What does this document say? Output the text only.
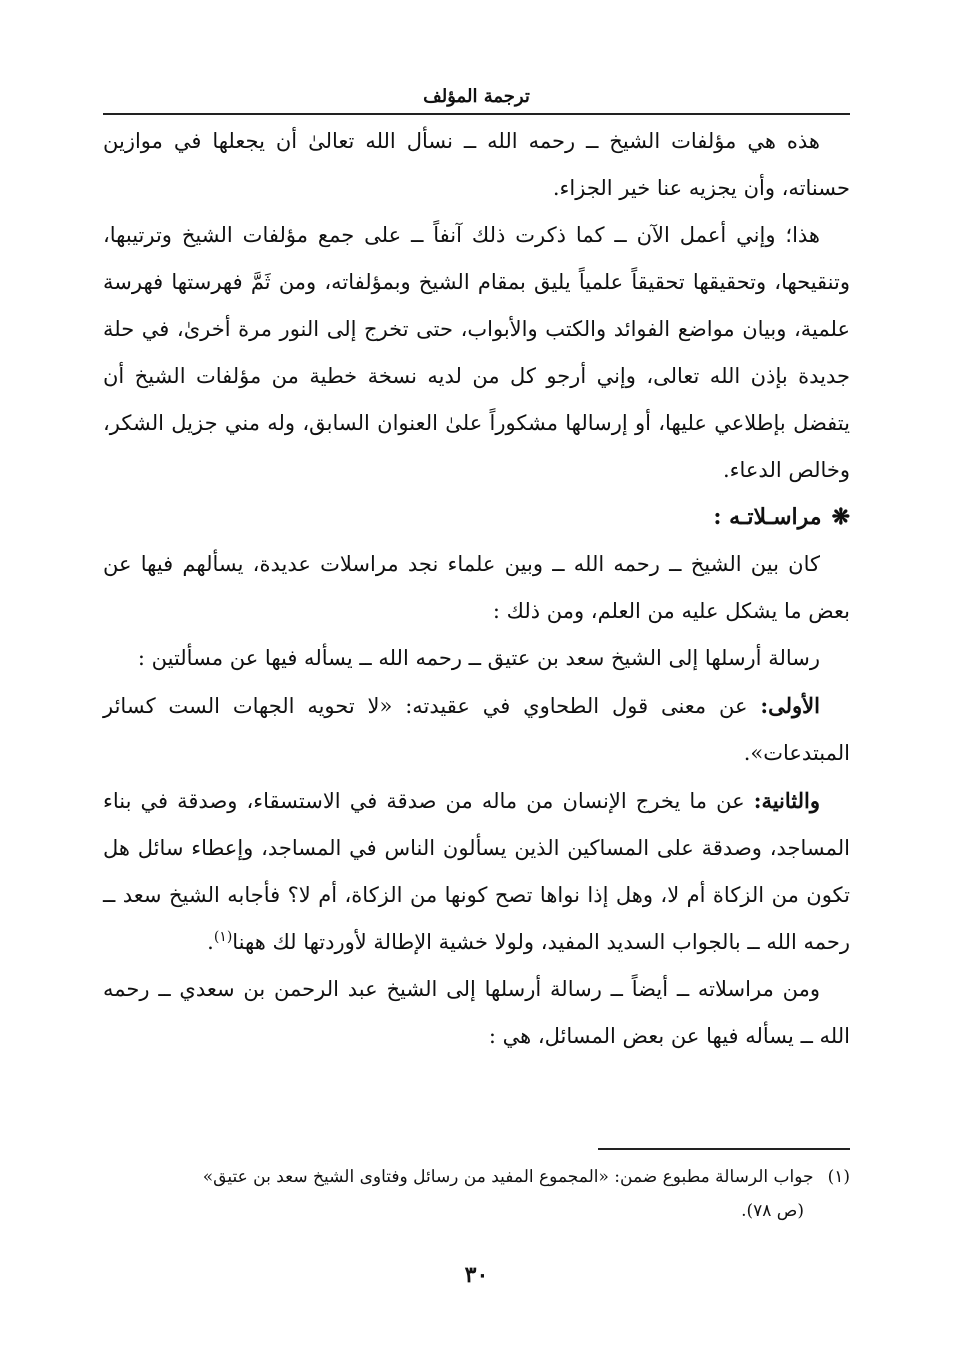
ترجمة المؤلف

هذه هي مؤلفات الشيخ ــ رحمه الله ــ نسأل الله تعالىٰ أن يجعلها في موازين حسناته، وأن يجزيه عنا خير الجزاء.

هذا؛ وإني أعمل الآن ــ كما ذكرت ذلك آنفاً ــ على جمع مؤلفات الشيخ وترتيبها، وتنقيحها، وتحقيقها تحقيقاً علمياً يليق بمقام الشيخ وبمؤلفاته، ومن ثَمَّ فهرستها فهرسة علمية، وبيان مواضع الفوائد والكتب والأبواب، حتى تخرج إلى النور مرة أخرىٰ، في حلة جديدة بإذن الله تعالى، وإني أرجو كل من لديه نسخة خطية من مؤلفات الشيخ أن يتفضل بإطلاعي عليها، أو إرسالها مشكوراً علىٰ العنوان السابق، وله مني جزيل الشكر، وخالص الدعاء.

❋مراسـلاتـه :

كان بين الشيخ ــ رحمه الله ــ وبين علماء نجد مراسلات عديدة، يسألهم فيها عن بعض ما يشكل عليه من العلم، ومن ذلك :

رسالة أرسلها إلى الشيخ سعد بن عتيق ــ رحمه الله ــ يسأله فيها عن مسألتين :

الأولى: عن معنى قول الطحاوي في عقيدته: «لا تحويه الجهات الست كسائر المبتدعات».

والثانية: عن ما يخرج الإنسان من ماله من صدقة في الاستسقاء، وصدقة في بناء المساجد، وصدقة على المساكين الذين يسألون الناس في المساجد، وإعطاء سائل هل تكون من الزكاة أم لا، وهل إذا نواها تصح كونها من الزكاة، أم لا؟ فأجابه الشيخ سعد ــ رحمه الله ــ بالجواب السديد المفيد، ولولا خشية الإطالة لأوردتها لك ههنا$^{(١)}$.

ومن مراسلاته ــ أيضاً ــ رسالة أرسلها إلى الشيخ عبد الرحمن بن سعدي ــ رحمه الله ــ يسأله فيها عن بعض المسائل، هي :

(١)جواب الرسالة مطبوع ضمن: «المجموع المفيد من رسائل وفتاوى الشيخ سعد بن عتيق»

(ص ٧٨).

٣٠
